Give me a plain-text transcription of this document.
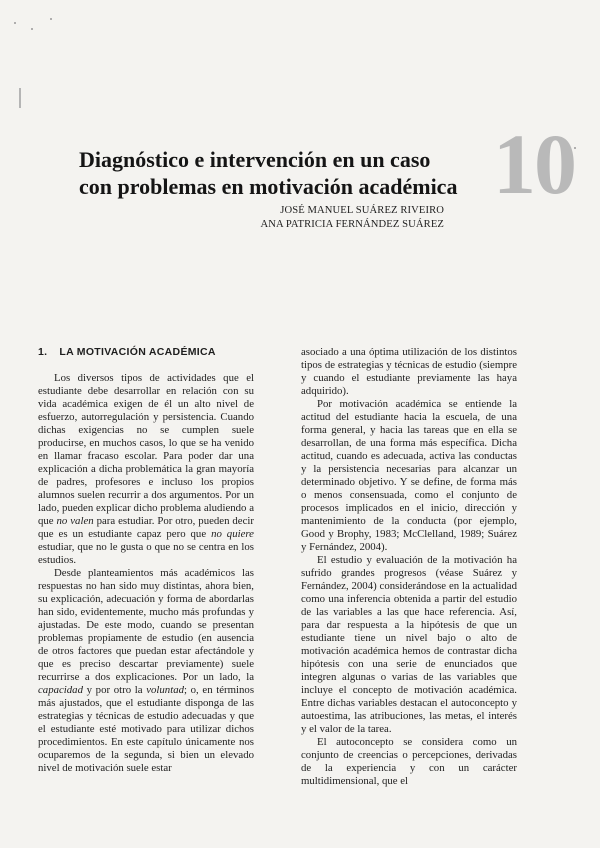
10
Diagnóstico e intervención en un caso
con problemas en motivación académica
JOSÉ MANUEL SUÁREZ RIVEIRO
ANA PATRICIA FERNÁNDEZ SUÁREZ
1. LA MOTIVACIÓN ACADÉMICA

Los diversos tipos de actividades que el estudiante debe desarrollar en relación con su vida académica exigen de él un alto nivel de esfuerzo, autorregulación y persistencia. Cuando dichas exigencias no se cumplen suele producirse, en muchos casos, lo que se ha venido en llamar fracaso escolar. Para poder dar una explicación a dicha problemática la gran mayoría de padres, profesores e incluso los propios alumnos suelen recurrir a dos argumentos. Por un lado, pueden explicar dicho problema aludiendo a que no valen para estudiar. Por otro, pueden decir que es un estudiante capaz pero que no quiere estudiar, que no le gusta o que no se centra en los estudios.

Desde planteamientos más académicos las respuestas no han sido muy distintas, ahora bien, su explicación, adecuación y forma de abordarlas han sido, evidentemente, mucho más profundas y ajustadas. De este modo, cuando se presentan problemas propiamente de estudio (en ausencia de otros factores que puedan estar afectándole y que es preciso descartar previamente) suele recurrirse a dos explicaciones. Por un lado, la capacidad y por otro la voluntad; o, en términos más ajustados, que el estudiante disponga de las estrategias y técnicas de estudio adecuadas y que el estudiante esté motivado para utilizar dichos procedimientos. En este capítulo únicamente nos ocuparemos de la segunda, si bien un elevado nivel de motivación suele estar

asociado a una óptima utilización de los distintos tipos de estrategias y técnicas de estudio (siempre y cuando el estudiante previamente las haya adquirido).

Por motivación académica se entiende la actitud del estudiante hacia la escuela, de una forma general, y hacia las tareas que en ella se desarrollan, de una forma más específica. Dicha actitud, cuando es adecuada, activa las conductas y la persistencia necesarias para alcanzar un determinado objetivo. Y se define, de forma más o menos consensuada, como el conjunto de procesos implicados en el inicio, dirección y mantenimiento de la conducta (por ejemplo, Good y Brophy, 1983; McClelland, 1989; Suárez y Fernández, 2004).

El estudio y evaluación de la motivación ha sufrido grandes progresos (véase Suárez y Fernández, 2004) considerándose en la actualidad como una inferencia obtenida a partir del estudio de las variables a las que hace referencia. Así, para dar respuesta a la hipótesis de que un estudiante tiene un nivel bajo o alto de motivación académica hemos de contrastar dicha hipótesis con una serie de enunciados que integren algunas o varias de las variables que incluye el concepto de motivación académica. Entre dichas variables destacan el autoconcepto y autoestima, las atribuciones, las metas, el interés y el valor de la tarea.

El autoconcepto se considera como un conjunto de creencias o percepciones, derivadas de la experiencia y con un carácter multidimensional, que el
